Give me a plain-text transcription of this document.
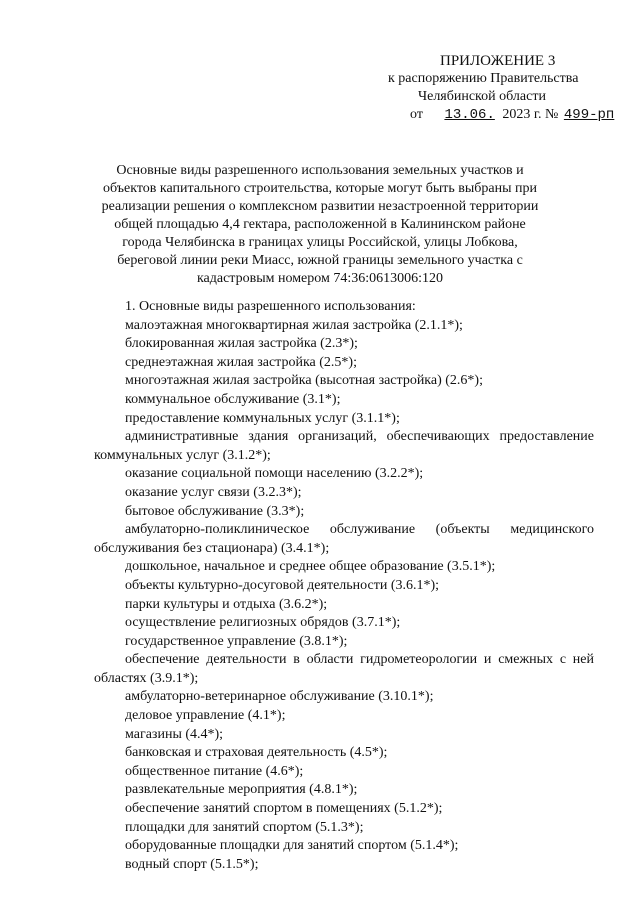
ПРИЛОЖЕНИЕ 3
к распоряжению Правительства
Челябинской области
от 13.06. 2023 г. № 499-рп
Основные виды разрешенного использования земельных участков и объектов капитального строительства, которые могут быть выбраны при реализации решения о комплексном развитии незастроенной территории общей площадью 4,4 гектара, расположенной в Калининском районе города Челябинска в границах улицы Российской, улицы Лобкова, береговой линии реки Миасс, южной границы земельного участка с кадастровым номером 74:36:0613006:120
1. Основные виды разрешенного использования:
малоэтажная многоквартирная жилая застройка (2.1.1*);
блокированная жилая застройка (2.3*);
среднеэтажная жилая застройка (2.5*);
многоэтажная жилая застройка (высотная застройка) (2.6*);
коммунальное обслуживание (3.1*);
предоставление коммунальных услуг (3.1.1*);
административные здания организаций, обеспечивающих предоставление коммунальных услуг (3.1.2*);
оказание социальной помощи населению (3.2.2*);
оказание услуг связи (3.2.3*);
бытовое обслуживание (3.3*);
амбулаторно-поликлиническое обслуживание (объекты медицинского обслуживания без стационара) (3.4.1*);
дошкольное, начальное и среднее общее образование (3.5.1*);
объекты культурно-досуговой деятельности (3.6.1*);
парки культуры и отдыха (3.6.2*);
осуществление религиозных обрядов (3.7.1*);
государственное управление (3.8.1*);
обеспечение деятельности в области гидрометеорологии и смежных с ней областях (3.9.1*);
амбулаторно-ветеринарное обслуживание (3.10.1*);
деловое управление (4.1*);
магазины (4.4*);
банковская и страховая деятельность (4.5*);
общественное питание (4.6*);
развлекательные мероприятия (4.8.1*);
обеспечение занятий спортом в помещениях (5.1.2*);
площадки для занятий спортом (5.1.3*);
оборудованные площадки для занятий спортом (5.1.4*);
водный спорт (5.1.5*);
